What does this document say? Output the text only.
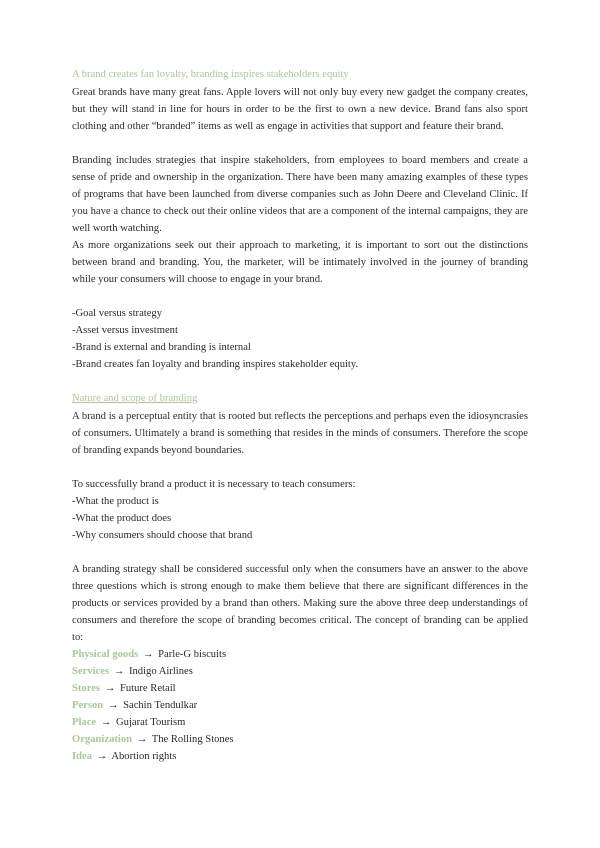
A brand creates fan loyalty, branding inspires stakeholders equity

Great brands have many great fans. Apple lovers will not only buy every new gadget the company creates, but they will stand in line for hours in order to be the first to own a new device. Brand fans also sport clothing and other “branded” items as well as engage in activities that support and feature their brand.

Branding includes strategies that inspire stakeholders, from employees to board members and create a sense of pride and ownership in the organization. There have been many amazing examples of these types of programs that have been launched from diverse companies such as John Deere and Cleveland Clinic. If you have a chance to check out their online videos that are a component of the internal campaigns, they are well worth watching.

As more organizations seek out their approach to marketing, it is important to sort out the distinctions between brand and branding. You, the marketer, will be intimately involved in the journey of branding while your consumers will choose to engage in your brand.

-Goal versus strategy
-Asset versus investment
-Brand is external and branding is internal
-Brand creates fan loyalty and branding inspires stakeholder equity.
Nature and scope of branding

A brand is a perceptual entity that is rooted but reflects the perceptions and perhaps even the idiosyncrasies of consumers. Ultimately a brand is something that resides in the minds of consumers. Therefore the scope of branding expands beyond boundaries.

To successfully brand a product it is necessary to teach consumers:
-What the product is
-What the product does
-Why consumers should choose that brand

A branding strategy shall be considered successful only when the consumers have an answer to the above three questions which is strong enough to make them believe that there are significant differences in the products or services provided by a brand than others. Making sure the above three deep understandings of consumers and therefore the scope of branding becomes critical. The concept of branding can be applied to:

Physical goods → Parle-G biscuits
Services → Indigo Airlines
Stores → Future Retail
Person → Sachin Tendulkar
Place → Gujarat Tourism
Organization → The Rolling Stones
Idea → Abortion rights
